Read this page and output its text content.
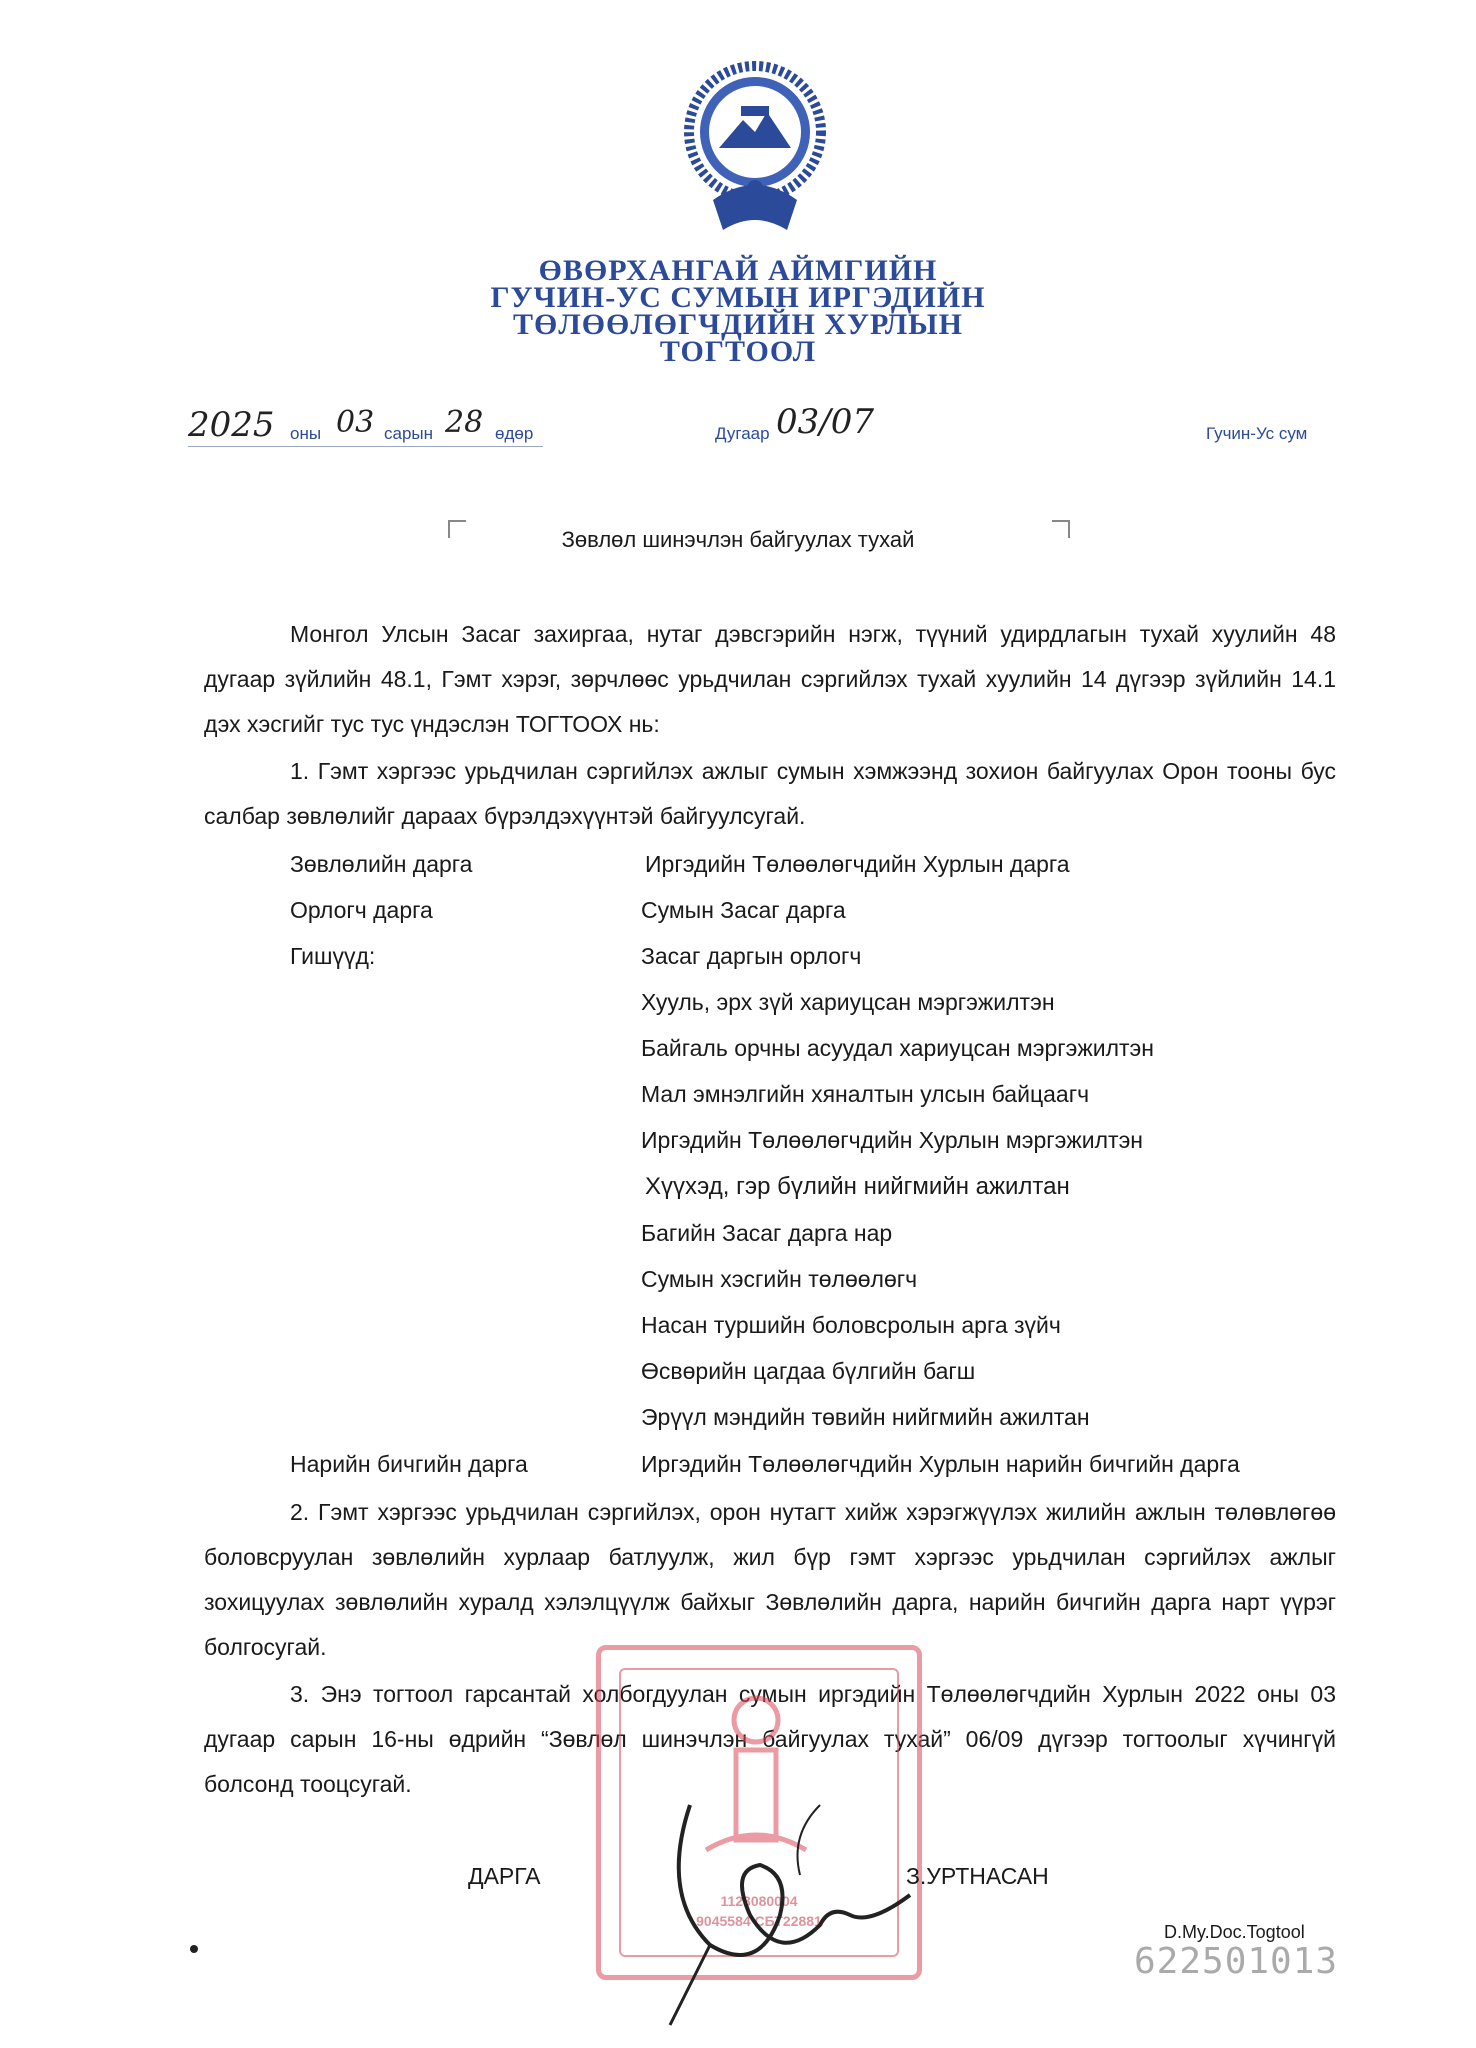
ӨВӨРХАНГАЙ АЙМГИЙН
ГУЧИН-УС СУМЫН ИРГЭДИЙН
ТӨЛӨӨЛӨГЧДИЙН ХУРЛЫН
ТОГТООЛ
2025 оны 03 сарын 28 өдөр	Дугаар 03/07	Гучин-Ус сум
Зөвлөл шинэчлэн байгуулах тухай
Монгол Улсын Засаг захиргаа, нутаг дэвсгэрийн нэгж, түүний удирдлагын тухай хуулийн 48 дугаар зүйлийн 48.1, Гэмт хэрэг, зөрчлөөс урьдчилан сэргийлэх тухай хуулийн 14 дүгээр зүйлийн 14.1 дэх хэсгийг тус тус үндэслэн ТОГТООХ нь:
1. Гэмт хэргээс урьдчилан сэргийлэх ажлыг сумын хэмжээнд зохион байгуулах Орон тооны бус салбар зөвлөлийг дараах бүрэлдэхүүнтэй байгуулсугай.
Зөвлөлийн дарга	Иргэдийн Төлөөлөгчдийн Хурлын дарга
Орлогч дарга	Сумын Засаг дарга
Гишүүд:	Засаг даргын орлогч
Хууль, эрх зүй хариуцсан мэргэжилтэн
Байгаль орчны асуудал хариуцсан мэргэжилтэн
Мал эмнэлгийн хяналтын улсын байцаагч
Иргэдийн Төлөөлөгчдийн Хурлын мэргэжилтэн
Хүүхэд, гэр бүлийн нийгмийн ажилтан
Багийн Засаг дарга нар
Сумын хэсгийн төлөөлөгч
Насан туршийн боловсролын арга зүйч
Өсвөрийн цагдаа бүлгийн багш
Эрүүл мэндийн төвийн нийгмийн ажилтан
Нарийн бичгийн дарга	Иргэдийн Төлөөлөгчдийн Хурлын нарийн бичгийн дарга
2. Гэмт хэргээс урьдчилан сэргийлэх, орон нутагт хийж хэрэгжүүлэх жилийн ажлын төлөвлөгөө боловсруулан зөвлөлийн хурлаар батлуулж, жил бүр гэмт хэргээс урьдчилан сэргийлэх ажлыг зохицуулах зөвлөлийн хуралд хэлэлцүүлж байхыг Зөвлөлийн дарга, нарийн бичгийн дарга нарт үүрэг болгосугай.
3. Энэ тогтоол гарсантай холбогдуулан сумын иргэдийн Төлөөлөгчдийн Хурлын 2022 оны 03 дугаар сарын 16-ны өдрийн “Зөвлөл шинэчлэн байгуулах тухай” 06/09 дүгээр тогтоолыг хүчингүй болсонд тооцсугай.
1123080004
9045584 СБТ22881
ДАРГА	З.УРТНАСАН
D.My.Doc.Togtool
622501013
